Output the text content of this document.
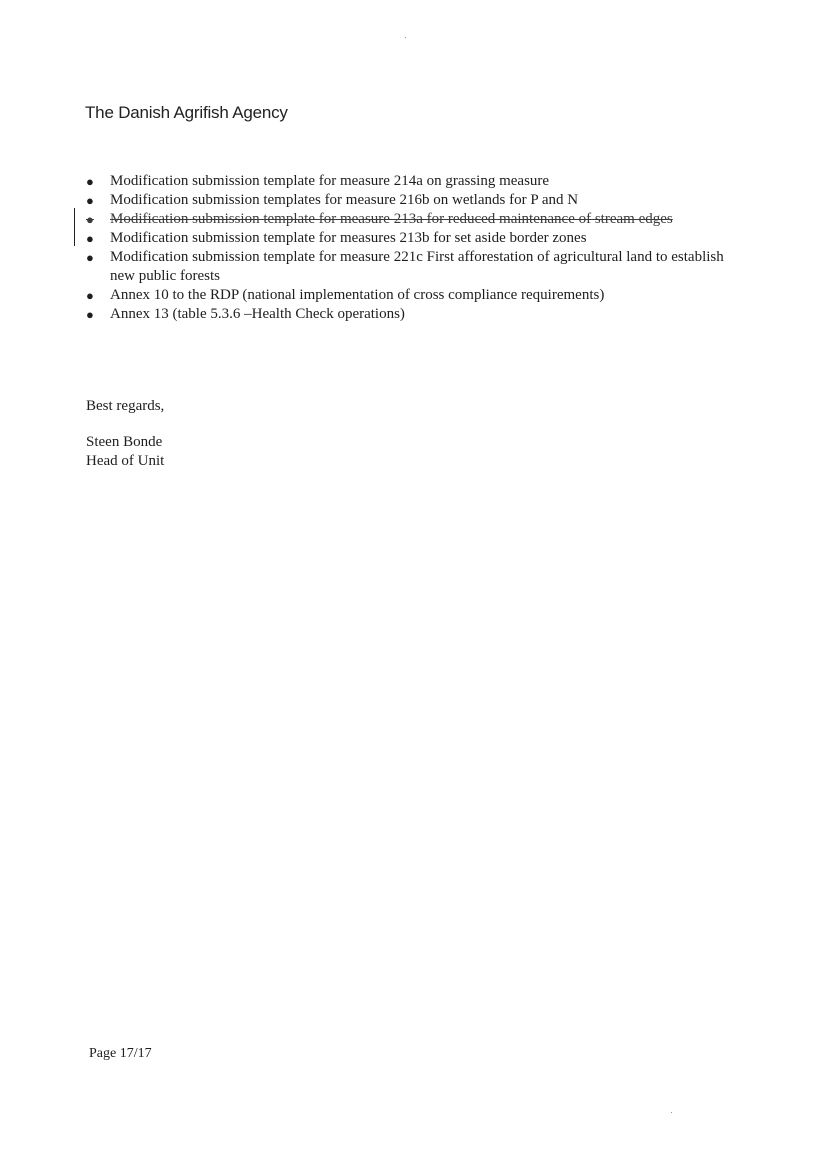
The Danish Agrifish Agency
●	Modification submission template for measure 214a on grassing measure
●	Modification submission templates for measure 216b on wetlands for P and N
●	Modification submission template for measure 213a for reduced maintenance of stream edges
●	Modification submission template for measures 213b for set aside border zones
●	Modification submission template for measure 221c First afforestation of agricultural land to establish new public forests
●	Annex 10 to the RDP (national implementation of cross compliance requirements)
●	Annex 13 (table 5.3.6 –Health Check operations)
Best regards,
Steen Bonde
Head of Unit
Page 17/17
